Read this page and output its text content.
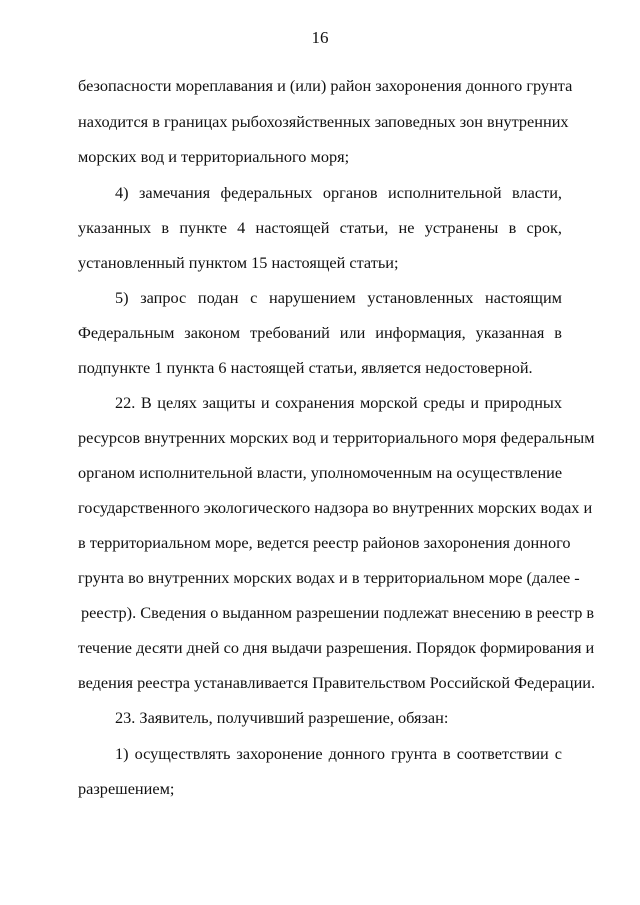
16
безопасности мореплавания и (или) район захоронения донного грунта
находится в границах рыбохозяйственных заповедных зон внутренних
морских вод и территориального моря;
4) замечания федеральных органов исполнительной власти,
указанных в пункте 4 настоящей статьи, не устранены в срок,
установленный пунктом 15 настоящей статьи;
5) запрос подан с нарушением установленных настоящим
Федеральным законом требований или информация, указанная в
подпункте 1 пункта 6 настоящей статьи, является недостоверной.
22. В целях защиты и сохранения морской среды и природных
ресурсов внутренних морских вод и территориального моря федеральным
органом исполнительной власти, уполномоченным на осуществление
государственного экологического надзора во внутренних морских водах и
в территориальном море, ведется реестр районов захоронения донного
грунта во внутренних морских водах и в территориальном море (далее -
реестр). Сведения о выданном разрешении подлежат внесению в реестр в
течение десяти дней со дня выдачи разрешения. Порядок формирования и
ведения реестра устанавливается Правительством Российской Федерации.
23. Заявитель, получивший разрешение, обязан:
1) осуществлять захоронение донного грунта в соответствии с
разрешением;
